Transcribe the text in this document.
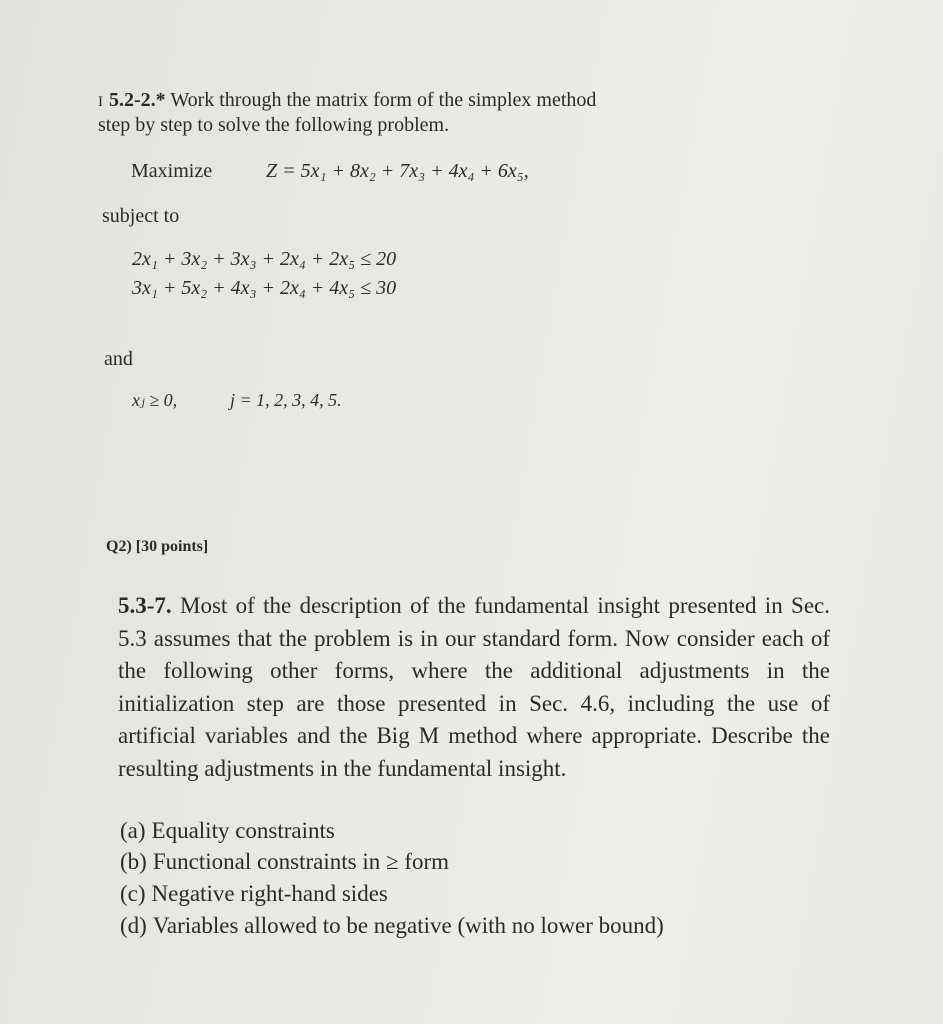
I 5.2-2.* Work through the matrix form of the simplex method
step by step to solve the following problem.
Maximize	Z = 5x₁ + 8x₂ + 7x₃ + 4x₄ + 6x₅,
subject to
2x₁ + 3x₂ + 3x₃ + 2x₄ + 2x₅ ≤ 20
3x₁ + 5x₂ + 4x₃ + 2x₄ + 4x₅ ≤ 30
and
xⱼ ≥ 0,	j = 1, 2, 3, 4, 5.
Q2) [30 points]
5.3-7. Most of the description of the fundamental insight presented in Sec. 5.3 assumes that the problem is in our standard form. Now consider each of the following other forms, where the additional adjustments in the initialization step are those presented in Sec. 4.6, including the use of artificial variables and the Big M method where appropriate. Describe the resulting adjustments in the fundamental insight.
(a) Equality constraints
(b) Functional constraints in ≥ form
(c) Negative right-hand sides
(d) Variables allowed to be negative (with no lower bound)
